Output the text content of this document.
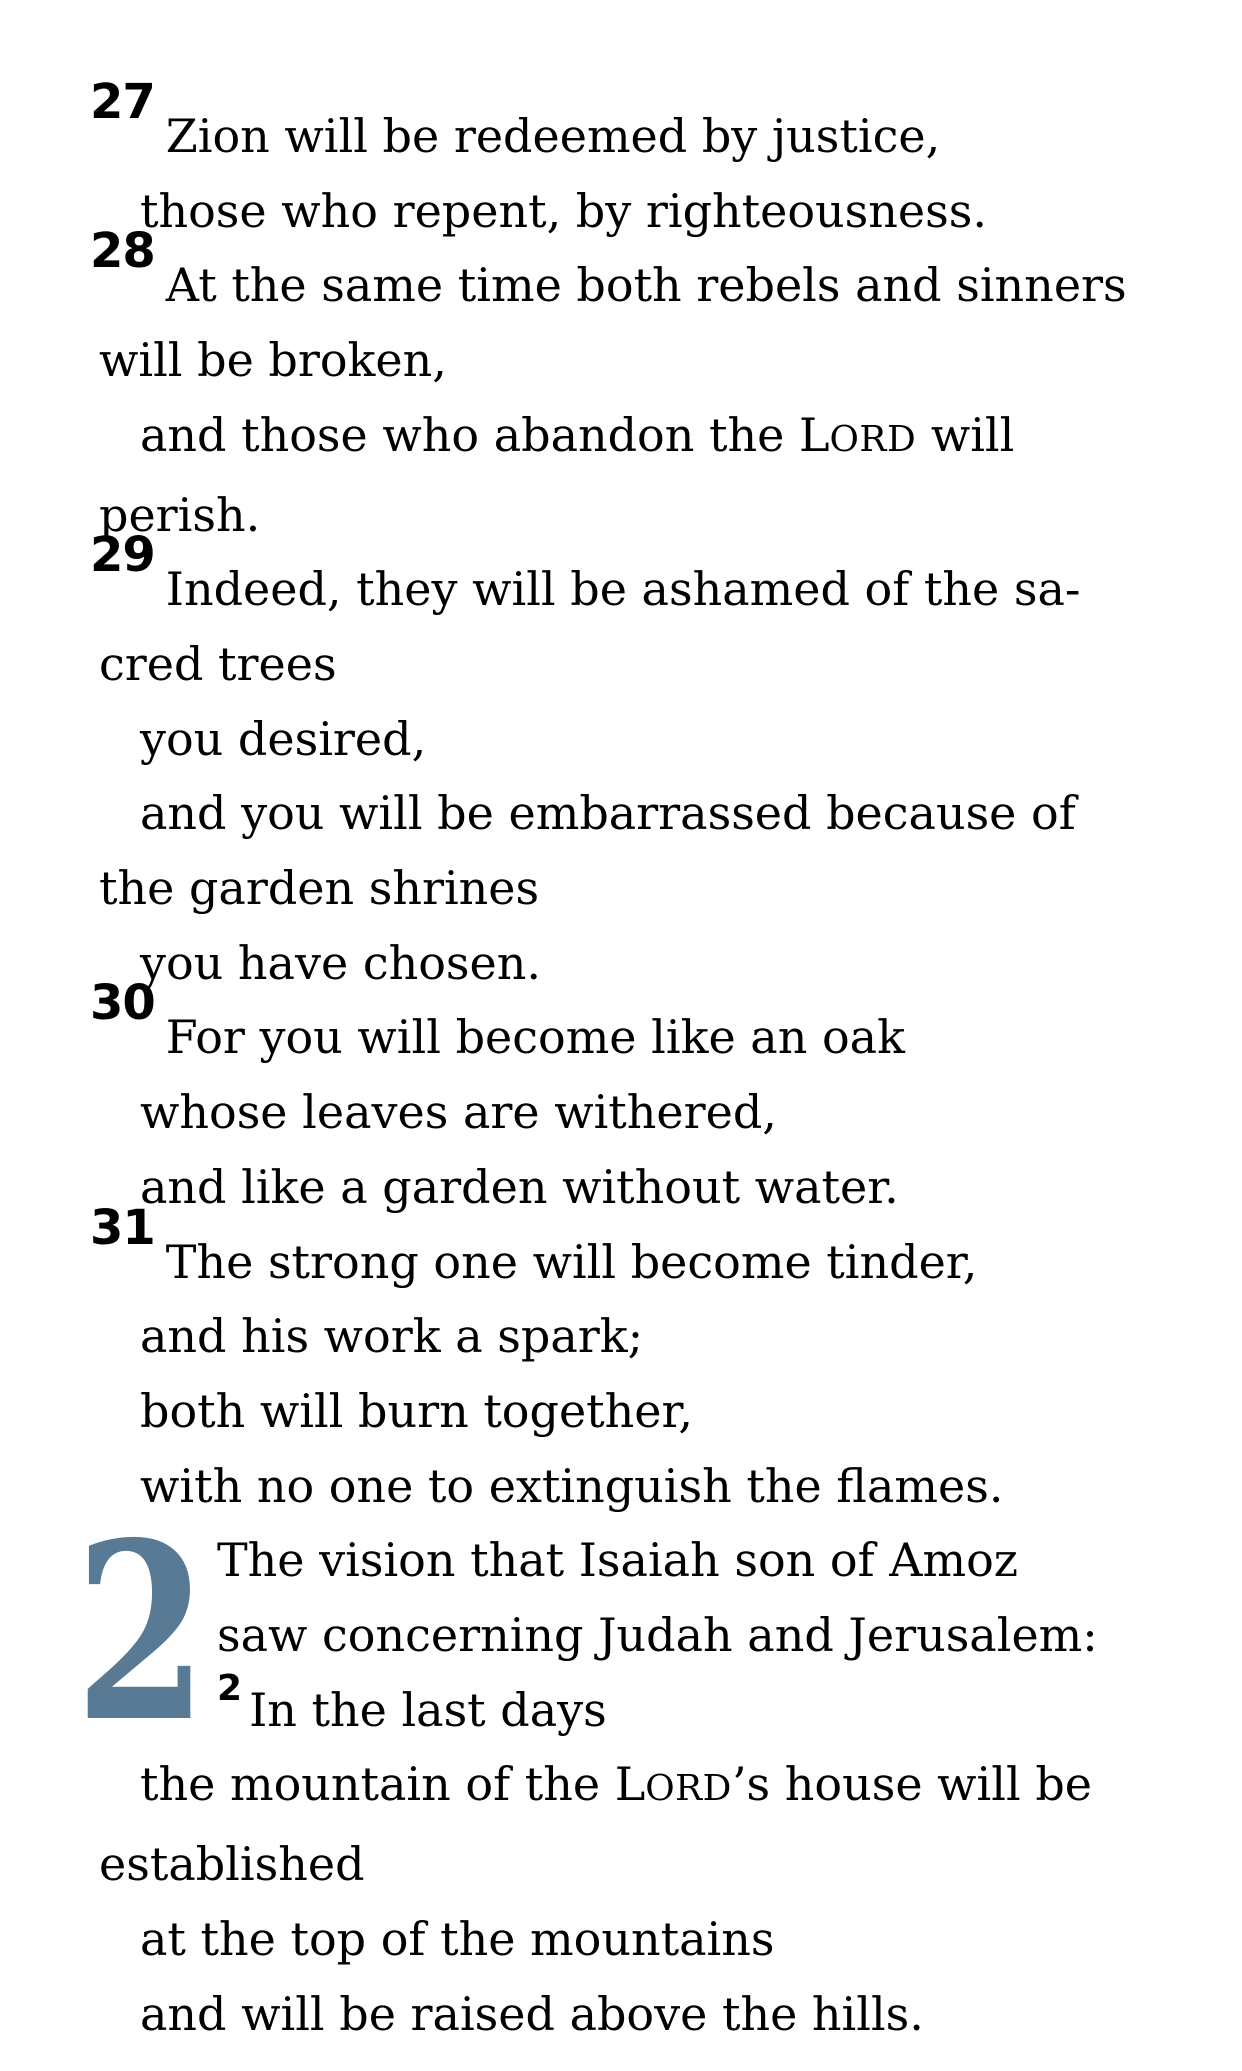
27Zion will be redeemed by justice,
those who repent, by righteousness.
28At the same time both rebels and sinners
will be broken,
and those who abandon the LORD will
perish.
29Indeed, they will be ashamed of the sa-
cred trees
you desired,
and you will be embarrassed because of
the garden shrines
you have chosen.
30For you will become like an oak
whose leaves are withered,
and like a garden without water.
31The strong one will become tinder,
and his work a spark;
both will burn together,
with no one to extinguish the flames.
2 The vision that Isaiah son of Amoz
saw concerning Judah and Jerusalem:
2 In the last days
the mountain of the LORD’s house will be
established
at the top of the mountains
and will be raised above the hills.
